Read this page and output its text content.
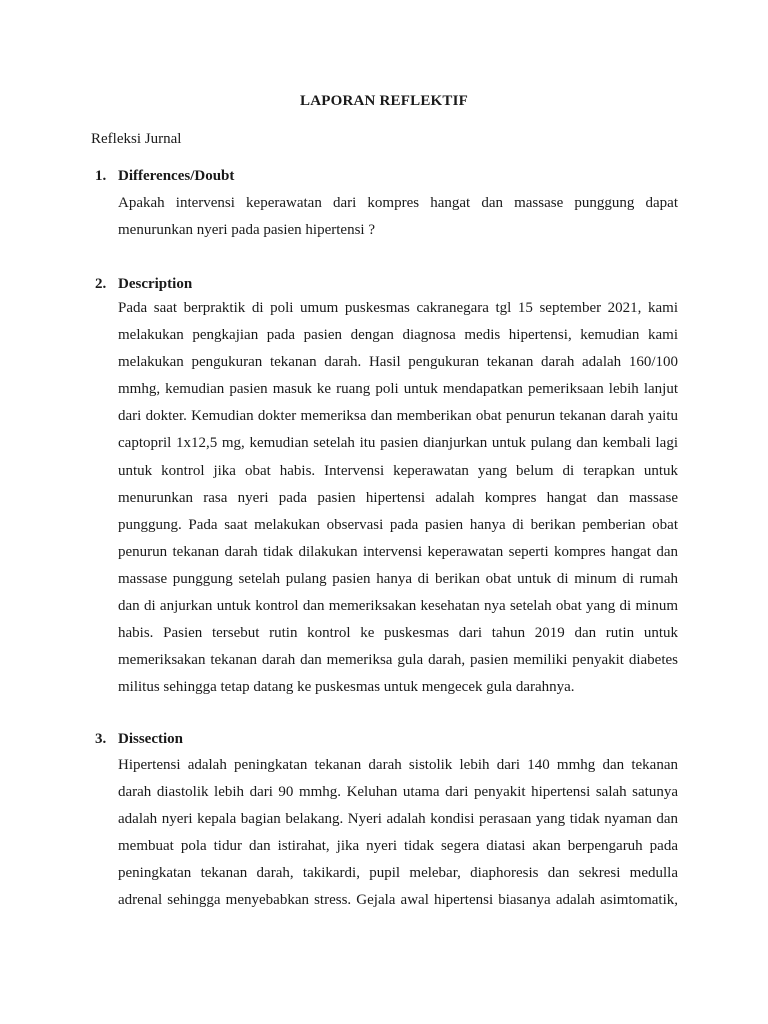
LAPORAN REFLEKTIF
Refleksi Jurnal
1. Differences/Doubt
Apakah intervensi keperawatan dari kompres hangat dan massase punggung dapat
menurunkan nyeri pada pasien hipertensi ?
2. Description
Pada saat berpraktik di poli umum puskesmas cakranegara tgl 15 september 2021, kami
melakukan pengkajian pada pasien dengan diagnosa medis hipertensi, kemudian kami
melakukan pengukuran tekanan darah. Hasil pengukuran tekanan darah adalah 160/100
mmhg, kemudian pasien masuk ke ruang poli untuk mendapatkan pemeriksaan lebih lanjut
dari dokter. Kemudian dokter memeriksa dan memberikan obat penurun tekanan darah yaitu
captopril 1x12,5 mg, kemudian setelah itu pasien dianjurkan untuk pulang dan kembali lagi
untuk kontrol jika obat habis. Intervensi keperawatan yang belum di terapkan untuk
menurunkan rasa nyeri pada pasien hipertensi adalah kompres hangat dan massase
punggung. Pada saat melakukan observasi pada pasien hanya di berikan pemberian obat
penurun tekanan darah tidak dilakukan intervensi keperawatan seperti kompres hangat dan
massase punggung setelah pulang pasien hanya di berikan obat untuk di minum di rumah
dan di anjurkan untuk kontrol dan memeriksakan kesehatan nya setelah obat yang di minum
habis. Pasien tersebut rutin kontrol ke puskesmas dari tahun 2019 dan rutin untuk
memeriksakan tekanan darah dan memeriksa gula darah, pasien memiliki penyakit diabetes
militus sehingga tetap datang ke puskesmas untuk mengecek gula darahnya.
3. Dissection
Hipertensi adalah peningkatan tekanan darah sistolik lebih dari 140 mmhg dan tekanan
darah diastolik lebih dari 90 mmhg. Keluhan utama dari penyakit hipertensi salah satunya
adalah nyeri kepala bagian belakang. Nyeri adalah kondisi perasaan yang tidak nyaman dan
membuat pola tidur dan istirahat, jika nyeri tidak segera diatasi akan berpengaruh pada
peningkatan tekanan darah, takikardi, pupil melebar, diaphoresis dan sekresi medulla
adrenal sehingga menyebabkan stress. Gejala awal hipertensi biasanya adalah asimtomatik,
